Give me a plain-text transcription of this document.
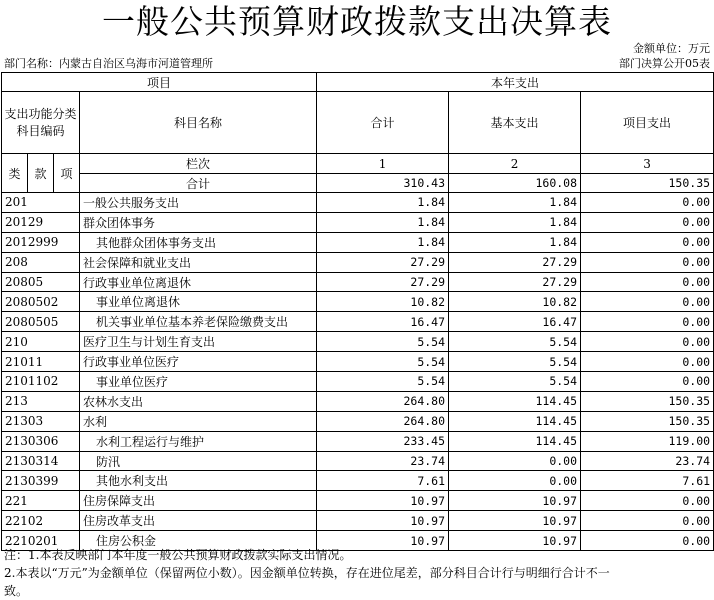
一般公共预算财政拨款支出决算表
金额单位：万元
部门名称：内蒙古自治区乌海市河道管理所	部门决算公开05表
项目				本年支出		
支出功能分类科目编码			科目名称	合计	基本支出	项目支出

类	款	项	栏次	1	2	3
			合计	310.43	160.08	150.35
201			一般公共服务支出	1.84	1.84	0.00
20129			群众团体事务	1.84	1.84	0.00
2012999			其他群众团体事务支出	1.84	1.84	0.00
208			社会保障和就业支出	27.29	27.29	0.00
20805			行政事业单位离退休	27.29	27.29	0.00
2080502			事业单位离退休	10.82	10.82	0.00
2080505			机关事业单位基本养老保险缴费支出	16.47	16.47	0.00
210			医疗卫生与计划生育支出	5.54	5.54	0.00
21011			行政事业单位医疗	5.54	5.54	0.00
2101102			事业单位医疗	5.54	5.54	0.00
213			农林水支出	264.80	114.45	150.35
21303			水利	264.80	114.45	150.35
2130306			水利工程运行与维护	233.45	114.45	119.00
2130314			防汛	23.74	0.00	23.74
2130399			其他水利支出	7.61	0.00	7.61
221			住房保障支出	10.97	10.97	0.00
22102			住房改革支出	10.97	10.97	0.00
2210201			住房公积金	10.97	10.97	0.00
注：1.本表反映部门本年度一般公共预算财政拨款实际支出情况。
2.本表以“万元”为金额单位（保留两位小数）。因金额单位转换，存在进位尾差，部分科目合计行与明细行合计不一
致。
